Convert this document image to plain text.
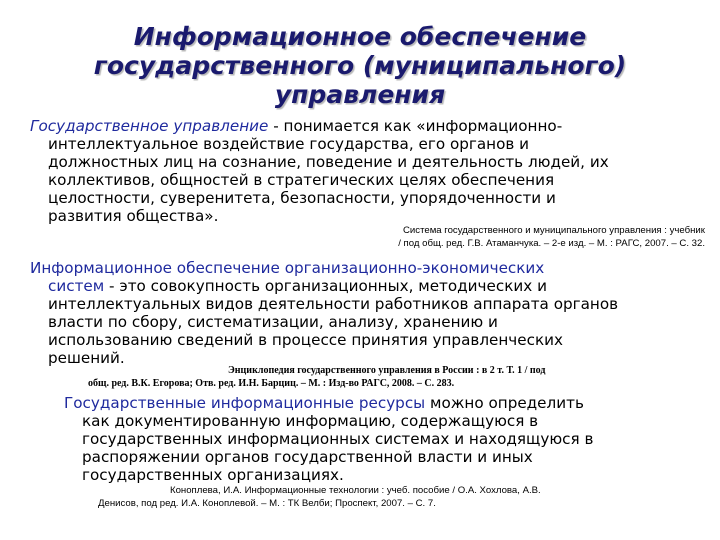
Информационное обеспечение
государственного (муниципального)
управления
Государственное управление - понимается как «информационно-
интеллектуальное воздействие государства, его органов и
должностных лиц на сознание, поведение и деятельность людей, их
коллективов, общностей в стратегических целях обеспечения
целостности, суверенитета, безопасности, упорядоченности и
развития общества».
Система государственного и муниципального управления : учебник
/ под общ. ред. Г.В. Атаманчука. – 2-е изд. – М. : РАГС, 2007. – С. 32.
Информационное обеспечение организационно-экономических
систем - это совокупность организационных, методических и
интеллектуальных видов деятельности работников аппарата органов
власти по сбору, систематизации, анализу, хранению и
использованию сведений в процессе принятия управленческих
решений.
Энциклопедия государственного управления в России : в 2 т. Т. 1 / под
общ. ред. В.К. Егорова; Отв. ред. И.Н. Барциц. – М. : Изд-во РАГС, 2008. – С. 283.
Государственные информационные ресурсы можно определить
как документированную информацию, содержащуюся в
государственных информационных системах и находящуюся в
распоряжении органов государственной власти и иных
государственных организациях.
Коноплева, И.А. Информационные технологии : учеб. пособие / О.А. Хохлова, А.В.
Денисов, под ред. И.А. Коноплевой. – М. : ТК Велби; Проспект, 2007. – С. 7.
